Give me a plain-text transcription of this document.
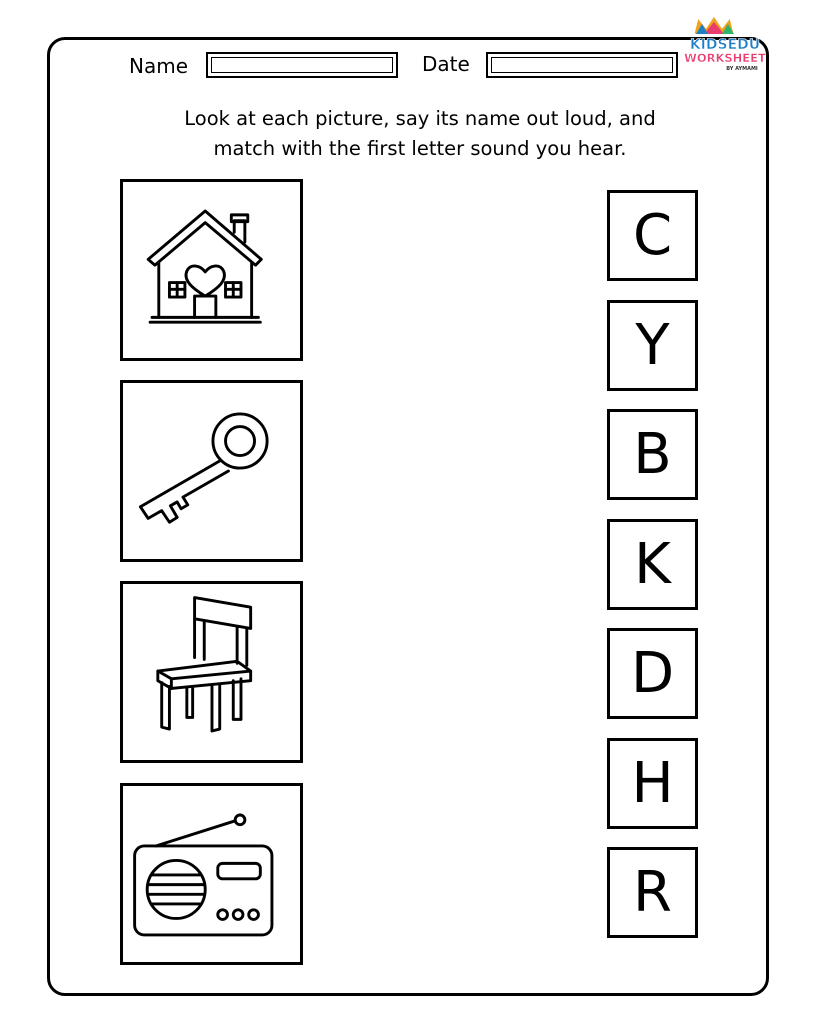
KIDSEDU
WORKSHEET
BY AYMAMI
Name	Date
Look at each picture, say its name out loud, and
match with the first letter sound you hear.
C
Y
B
K
D
H
R
